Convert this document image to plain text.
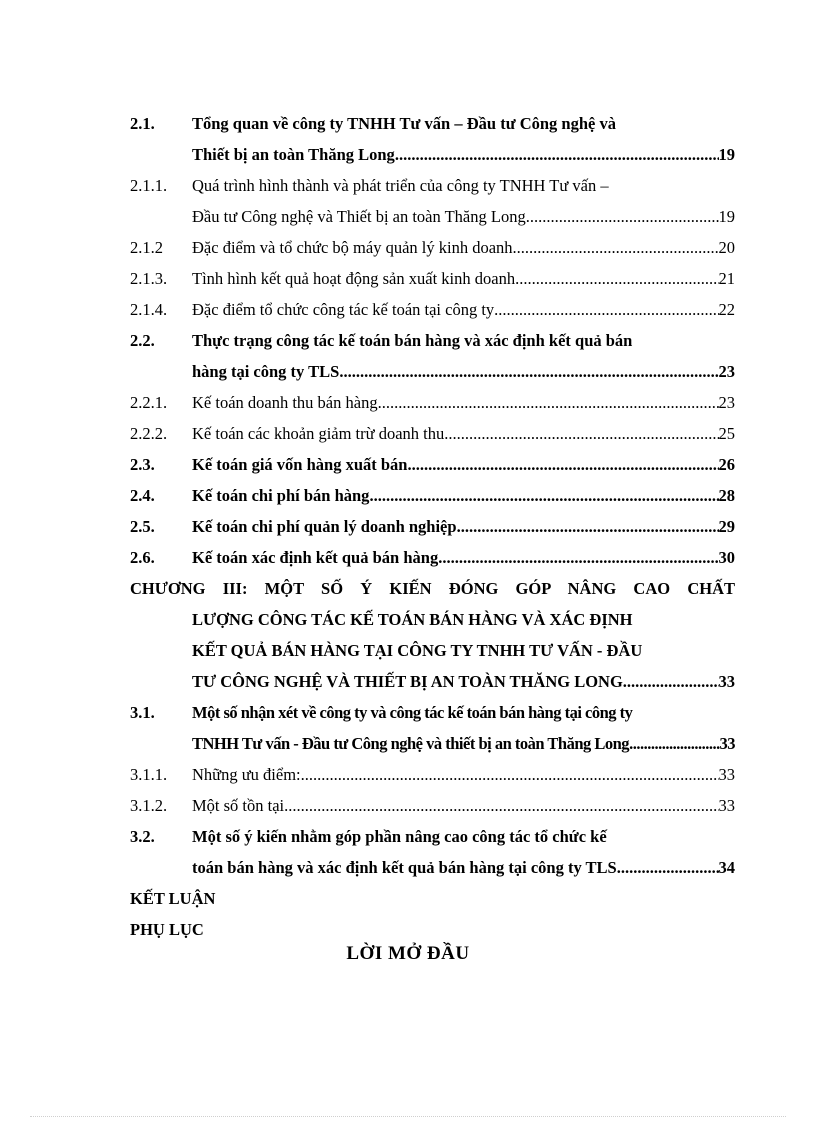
2.1. Tổng quan về công ty TNHH Tư vấn – Đầu tư Công nghệ và
Thiết bị an toàn Thăng Long .....	19
2.1.1. Quá trình hình thành và phát triển của công ty TNHH Tư vấn –
Đầu tư Công nghệ và Thiết bị an toàn Thăng Long .....	19
2.1.2 Đặc điểm và tổ chức bộ máy quản lý kinh doanh .....	20
2.1.3. Tình hình kết quả hoạt động sản xuất kinh doanh .....	21
2.1.4. Đặc điểm tổ chức công tác kế toán tại công ty .....	22
2.2. Thực trạng công tác kế toán bán hàng và xác định kết quả bán
hàng tại công ty TLS .....	23
2.2.1. Kế toán doanh thu bán hàng .....	23
2.2.2. Kế toán các khoản giảm trừ doanh thu .....	25
2.3. Kế toán giá vốn hàng xuất bán .....	26
2.4. Kế toán chi phí bán hàng .....	28
2.5. Kế toán chi phí quản lý doanh nghiệp .....	29
2.6. Kế toán xác định kết quả bán hàng .....	30
CHƯƠNG III: MỘT SỐ Ý KIẾN ĐÓNG GÓP NÂNG CAO CHẤT
LƯỢNG CÔNG TÁC KẾ TOÁN BÁN HÀNG VÀ XÁC ĐỊNH
KẾT QUẢ BÁN HÀNG TẠI CÔNG TY TNHH TƯ VẤN - ĐẦU
TƯ CÔNG NGHỆ VÀ THIẾT BỊ AN TOÀN THĂNG LONG .....	33
3.1. Một số nhận xét về công ty và công tác kế toán bán hàng tại công ty
TNHH Tư vấn - Đầu tư Công nghệ và thiết bị an toàn Thăng Long .....	33
3.1.1. Những ưu điểm: .....	33
3.1.2. Một số tồn tại .....	33
3.2. Một số ý kiến nhằm góp phần nâng cao công tác tổ chức kế
toán bán hàng và xác định kết quả bán hàng tại công ty TLS .....	34
KẾT LUẬN
PHỤ LỤC
LỜI MỞ ĐẦU
